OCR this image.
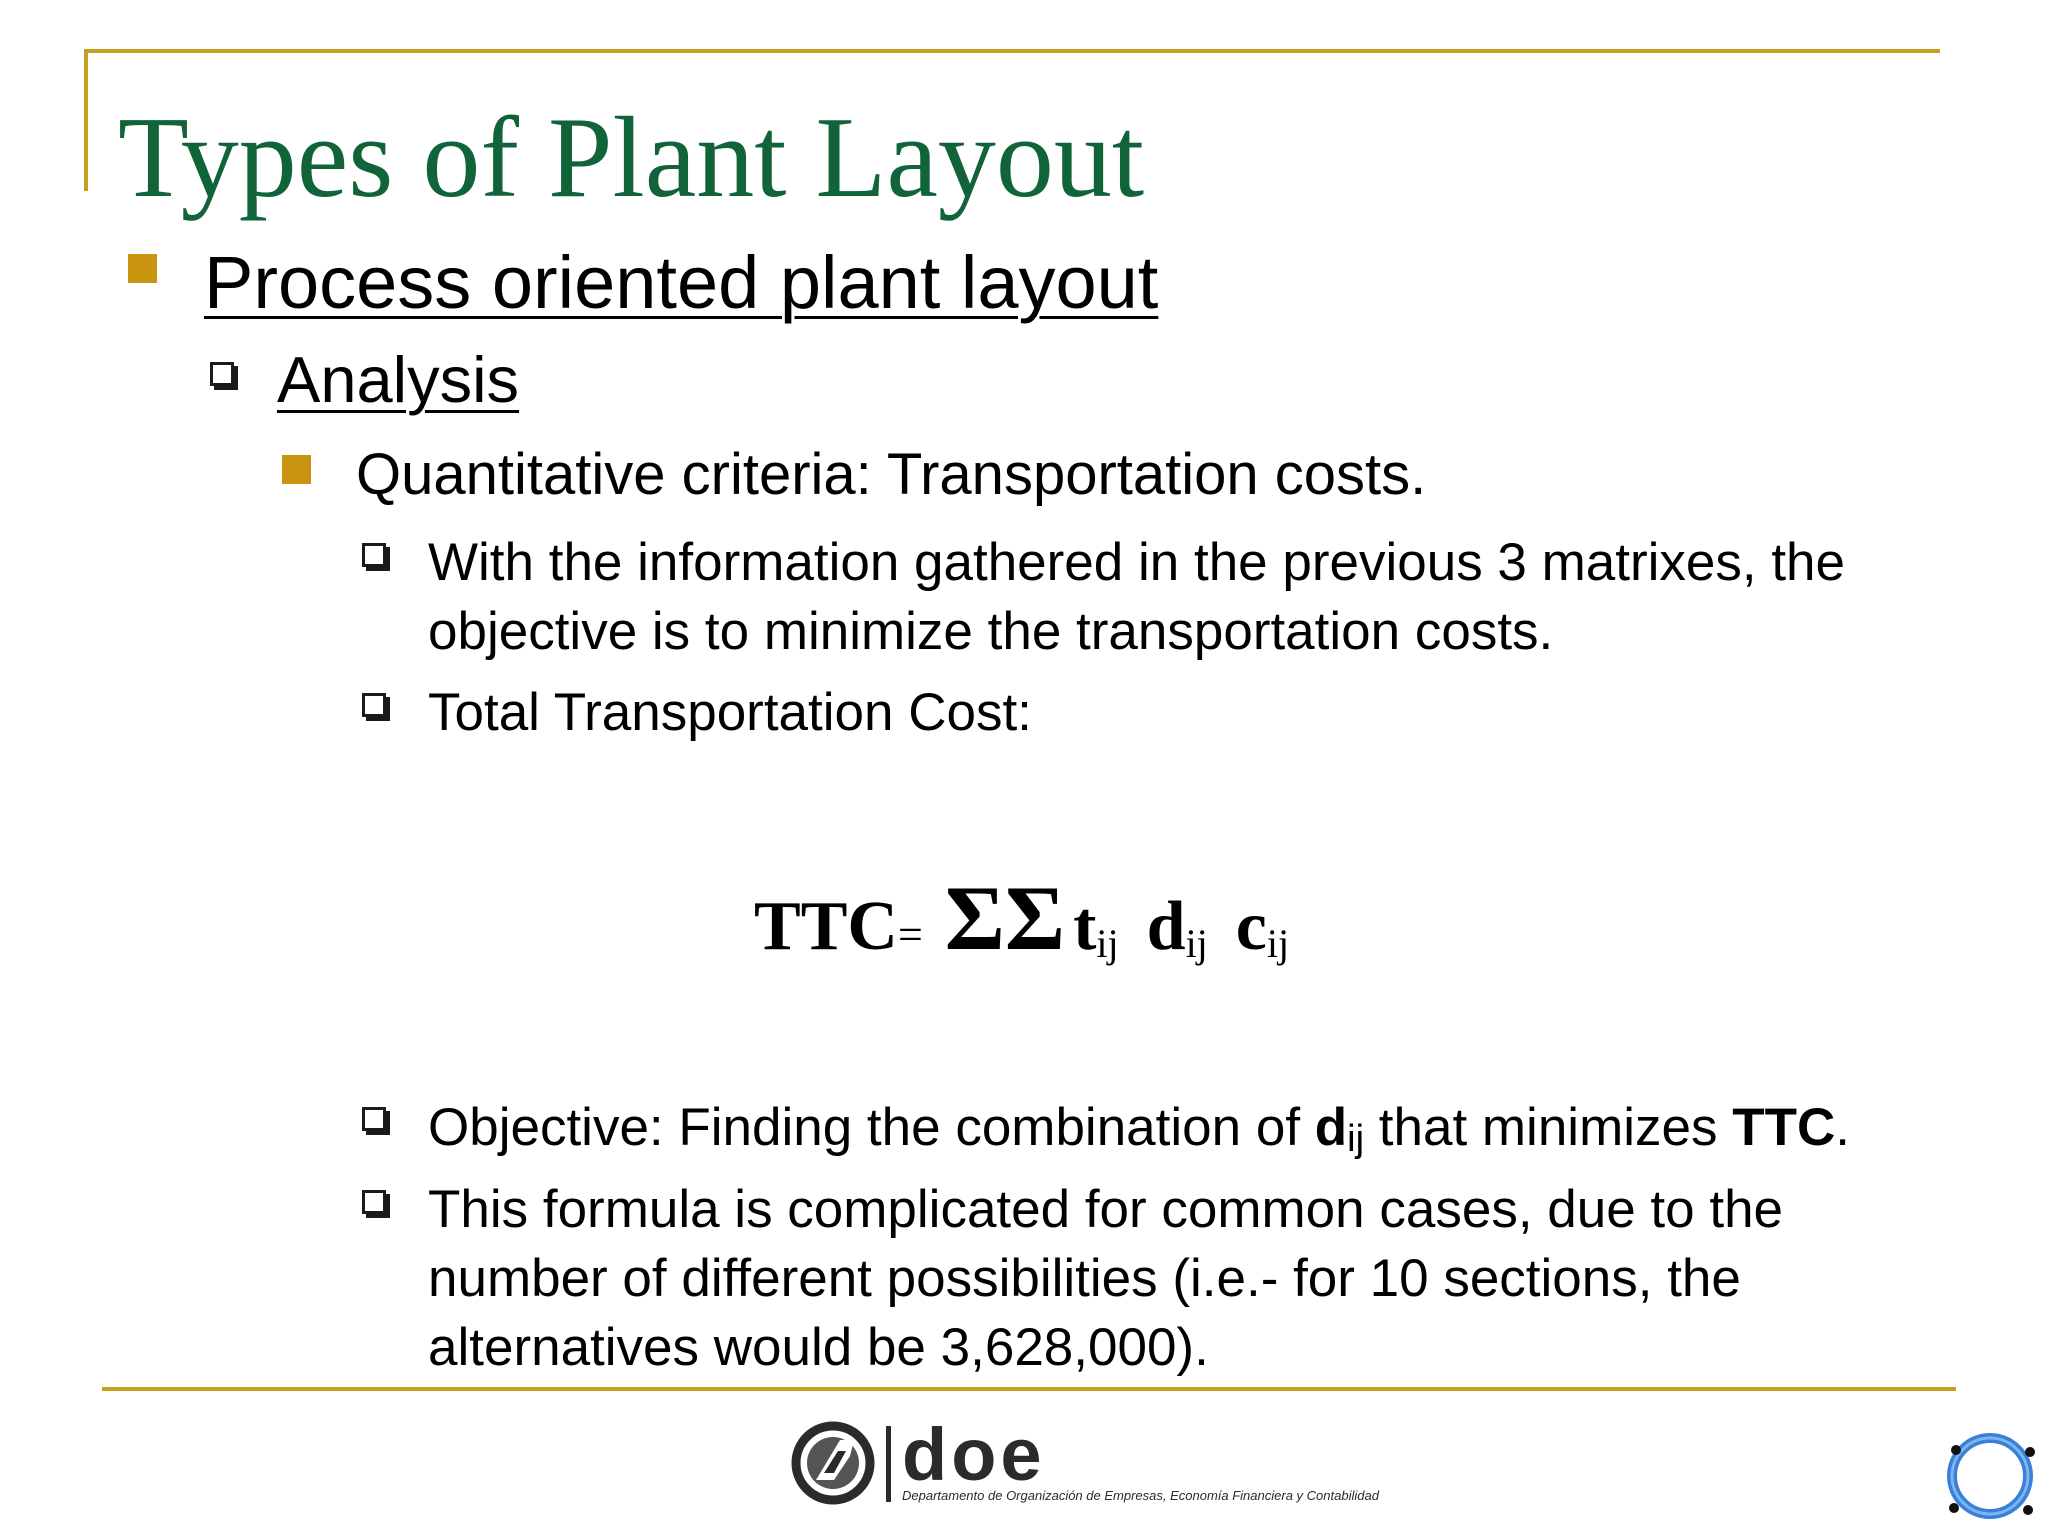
Types of Plant Layout

Process oriented plant layout

Analysis

Quantitative criteria: Transportation costs.

With the information gathered in the previous 3 matrixes, the

objective is to minimize the transportation costs.

Total Transportation Cost:

TTC= ΣΣ $t_{ij}$ $d_{ij}$ $c_{ij}$

Objective: Finding the combination of dij that minimizes TTC.

This formula is complicated for common cases, due to the

number of different possibilities (i.e.- for 10 sections, the

alternatives would be 3,628,000).

doe
Departamento de Organización de Empresas, Economía Financiera y Contabilidad
